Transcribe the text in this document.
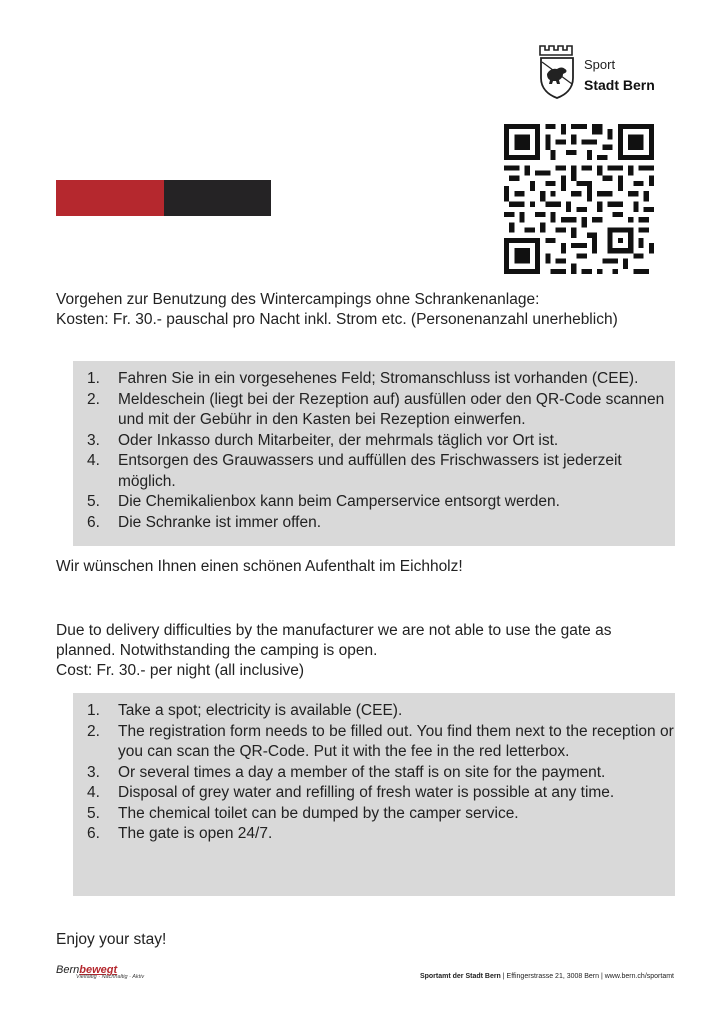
Sport
Stadt Bern

Vorgehen zur Benutzung des Wintercampings ohne Schrankenanlage:
Kosten: Fr. 30.- pauschal pro Nacht inkl. Strom etc. (Personenanzahl unerheblich)

1. Fahren Sie in ein vorgesehenes Feld; Stromanschluss ist vorhanden (CEE).
2. Meldeschein (liegt bei der Rezeption auf) ausfüllen oder den QR-Code scannen und mit der Gebühr in den Kasten bei Rezeption einwerfen.
3. Oder Inkasso durch Mitarbeiter, der mehrmals täglich vor Ort ist.
4. Entsorgen des Grauwassers und auffüllen des Frischwassers ist jederzeit möglich.
5. Die Chemikalienbox kann beim Camperservice entsorgt werden.
6. Die Schranke ist immer offen.

Wir wünschen Ihnen einen schönen Aufenthalt im Eichholz!

Due to delivery difficulties by the manufacturer we are not able to use the gate as planned. Notwithstanding the camping is open.
Cost: Fr. 30.- per night (all inclusive)

1. Take a spot; electricity is available (CEE).
2. The registration form needs to be filled out. You find them next to the reception or you can scan the QR-Code. Put it with the fee in the red letterbox.
3. Or several times a day a member of the staff is on site for the payment.
4. Disposal of grey water and refilling of fresh water is possible at any time.
5. The chemical toilet can be dumped by the camper service.
6. The gate is open 24/7.

Enjoy your stay!

Bernbewegt
Vielfältig · Nachhaltig · Aktiv	Sportamt der Stadt Bern | Effingerstrasse 21, 3008 Bern | www.bern.ch/sportamt
